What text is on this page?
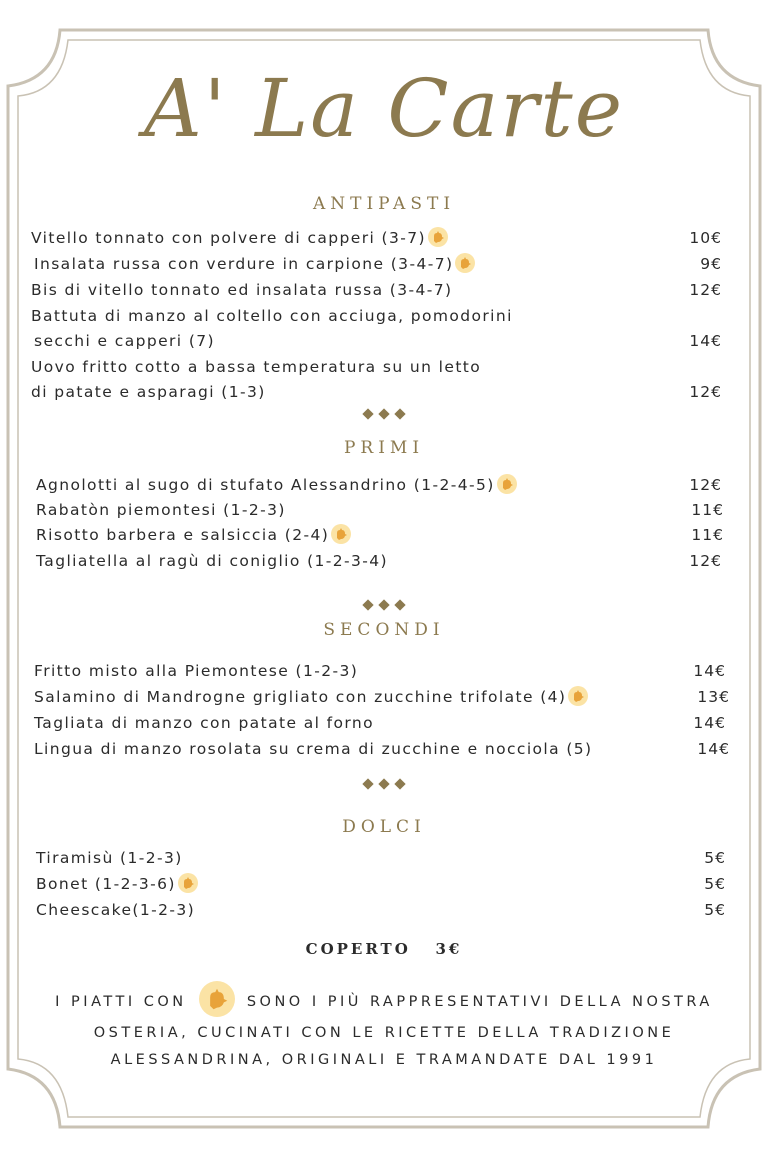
A' La Carte
ANTIPASTI
Vitello tonnato con polvere di capperi (3-7)	10€
Insalata russa con verdure in carpione (3-4-7)	9€
Bis di vitello tonnato ed insalata russa (3-4-7)	12€
Battuta di manzo al coltello con acciuga, pomodorini
secchi e capperi (7)	14€
Uovo fritto cotto a bassa temperatura su un letto
di patate e asparagi (1-3)	12€
PRIMI
Agnolotti al sugo di stufato Alessandrino (1-2-4-5)	12€
Rabatòn piemontesi (1-2-3)	11€
Risotto barbera e salsiccia (2-4)	11€
Tagliatella al ragù di coniglio (1-2-3-4)	12€
SECONDI
Fritto misto alla Piemontese (1-2-3)	14€
Salamino di Mandrogne grigliato con zucchine trifolate (4)	13€
Tagliata di manzo con patate al forno	14€
Lingua di manzo rosolata su crema di zucchine e nocciola (5)	14€
DOLCI
Tiramisù (1-2-3)	5€
Bonet (1-2-3-6)	5€
Cheescake(1-2-3)	5€
COPERTO   3€
I PIATTI CON	SONO I PIÙ RAPPRESENTATIVI DELLA NOSTRA OSTERIA, CUCINATI CON LE RICETTE DELLA TRADIZIONE ALESSANDRINA, ORIGINALI E TRAMANDATE DAL 1991
